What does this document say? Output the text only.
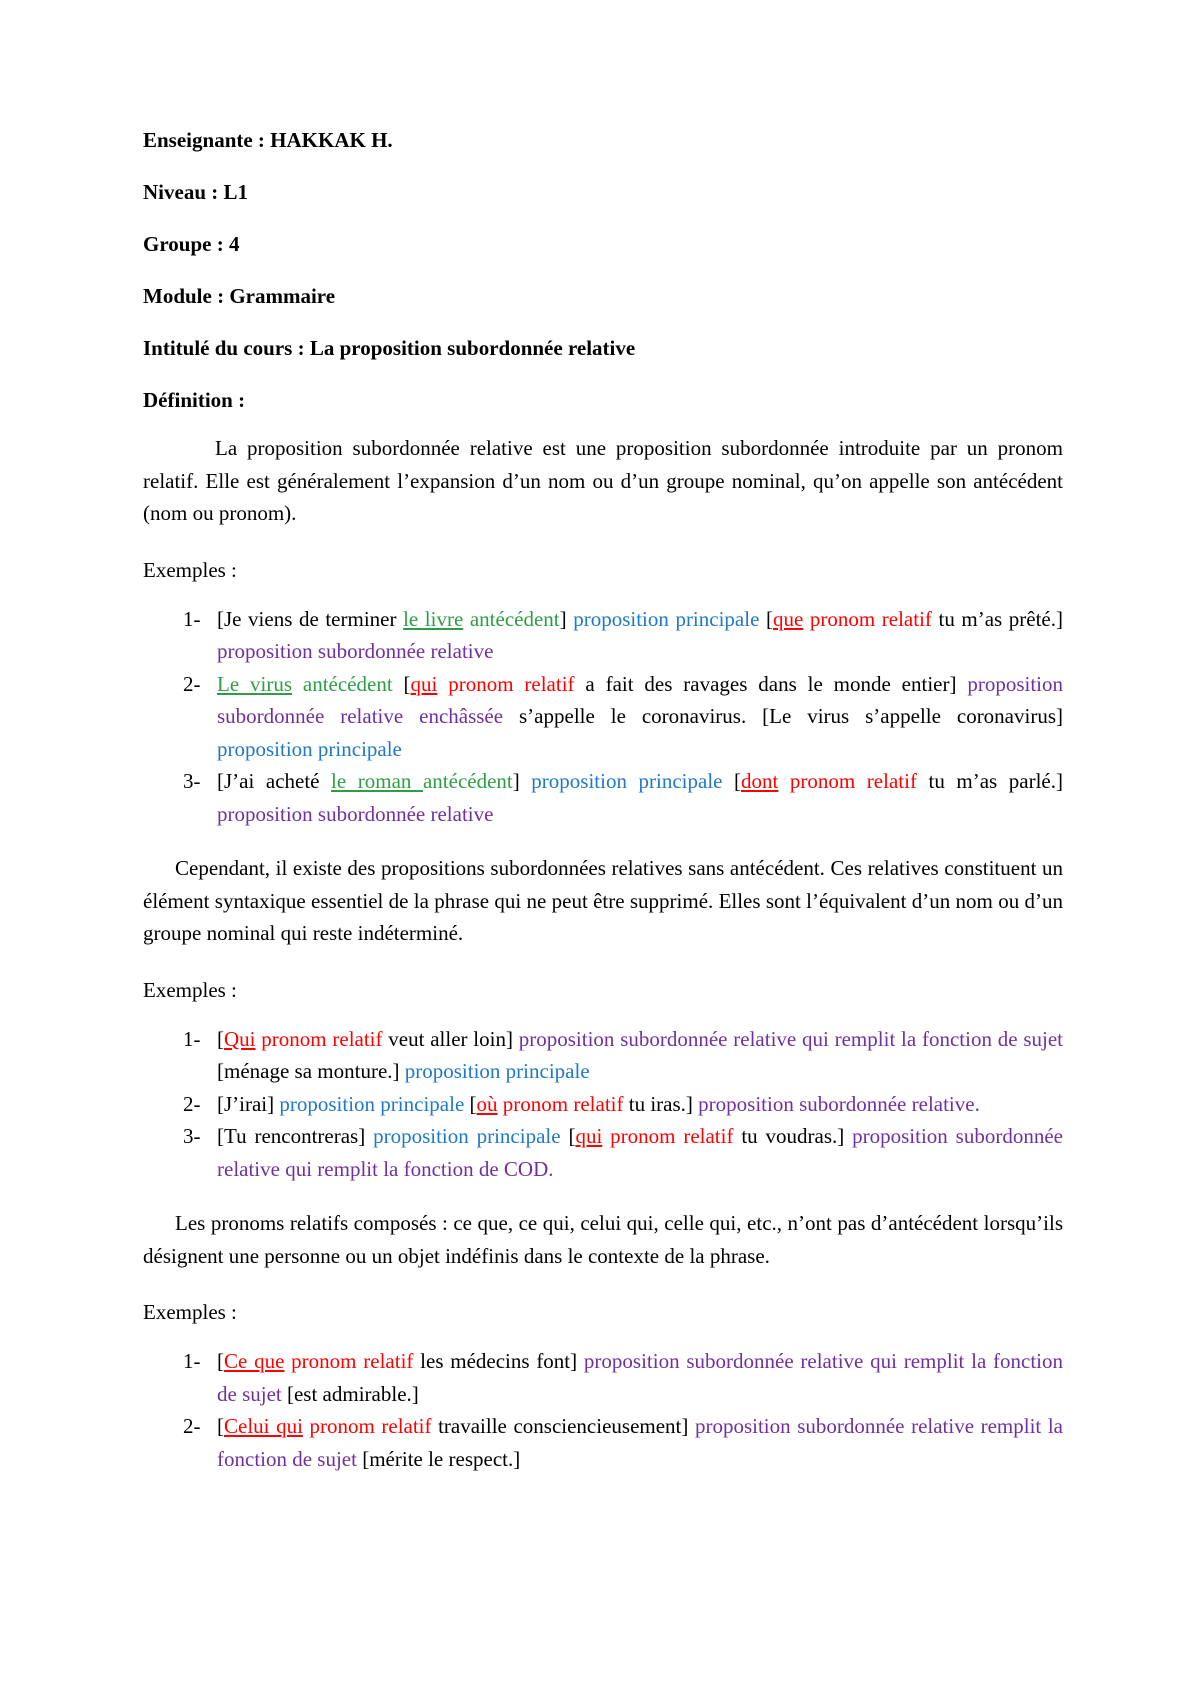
Enseignante : HAKKAK H.

Niveau : L1

Groupe : 4

Module : Grammaire

Intitulé du cours : La proposition subordonnée relative

Définition :

La proposition subordonnée relative est une proposition subordonnée introduite par un pronom relatif. Elle est généralement l’expansion d’un nom ou d’un groupe nominal, qu’on appelle son antécédent (nom ou pronom).

Exemples :

1- [Je viens de terminer le livre antécédent] proposition principale [que pronom relatif tu m’as prêté.] proposition subordonnée relative
2- Le virus antécédent [qui pronom relatif a fait des ravages dans le monde entier] proposition subordonnée relative enchâssée s’appelle le coronavirus. [Le virus s’appelle coronavirus] proposition principale
3- [J’ai acheté le roman antécédent] proposition principale [dont pronom relatif tu m’as parlé.] proposition subordonnée relative

Cependant, il existe des propositions subordonnées relatives sans antécédent. Ces relatives constituent un élément syntaxique essentiel de la phrase qui ne peut être supprimé. Elles sont l’équivalent d’un nom ou d’un groupe nominal qui reste indéterminé.

Exemples :

1- [Qui pronom relatif veut aller loin] proposition subordonnée relative qui remplit la fonction de sujet [ménage sa monture.] proposition principale
2- [J’irai] proposition principale [où pronom relatif tu iras.] proposition subordonnée relative.
3- [Tu rencontreras] proposition principale [qui pronom relatif tu voudras.] proposition subordonnée relative qui remplit la fonction de COD.

Les pronoms relatifs composés : ce que, ce qui, celui qui, celle qui, etc., n’ont pas d’antécédent lorsqu’ils désignent une personne ou un objet indéfinis dans le contexte de la phrase.

Exemples :

1- [Ce que pronom relatif les médecins font] proposition subordonnée relative qui remplit la fonction de sujet [est admirable.]
2- [Celui qui pronom relatif travaille consciencieusement] proposition subordonnée relative remplit la fonction de sujet [mérite le respect.]
